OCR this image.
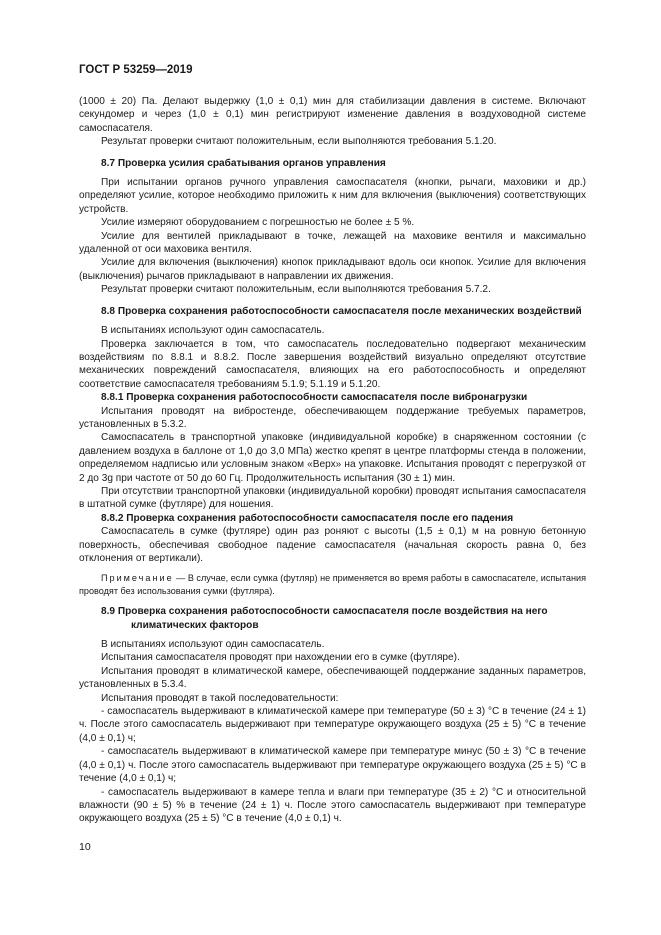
ГОСТ Р 53259—2019

(1000 ± 20) Па. Делают выдержку (1,0 ± 0,1) мин для стабилизации давления в системе. Включают секундомер и через (1,0 ± 0,1) мин регистрируют изменение давления в воздуховодной системе самоспасателя.

Результат проверки считают положительным, если выполняются требования 5.1.20.

8.7 Проверка усилия срабатывания органов управления

При испытании органов ручного управления самоспасателя (кнопки, рычаги, маховики и др.) определяют усилие, которое необходимо приложить к ним для включения (выключения) соответствующих устройств.

Усилие измеряют оборудованием с погрешностью не более ± 5 %.

Усилие для вентилей прикладывают в точке, лежащей на маховике вентиля и максимально удаленной от оси маховика вентиля.

Усилие для включения (выключения) кнопок прикладывают вдоль оси кнопок. Усилие для включения (выключения) рычагов прикладывают в направлении их движения.

Результат проверки считают положительным, если выполняются требования 5.7.2.

8.8 Проверка сохранения работоспособности самоспасателя после механических воздействий

В испытаниях используют один самоспасатель.

Проверка заключается в том, что самоспасатель последовательно подвергают механическим воздействиям по 8.8.1 и 8.8.2. После завершения воздействий визуально определяют отсутствие механических повреждений самоспасателя, влияющих на его работоспособность и определяют соответствие самоспасателя требованиям 5.1.9; 5.1.19 и 5.1.20.

8.8.1 Проверка сохранения работоспособности самоспасателя после вибронагрузки

Испытания проводят на вибростенде, обеспечивающем поддержание требуемых параметров, установленных в 5.3.2.

Самоспасатель в транспортной упаковке (индивидуальной коробке) в снаряженном состоянии (с давлением воздуха в баллоне от 1,0 до 3,0 МПа) жестко крепят в центре платформы стенда в положении, определяемом надписью или условным знаком «Верх» на упаковке. Испытания проводят с перегрузкой от 2 до 3g при частоте от 50 до 60 Гц. Продолжительность испытания (30 ± 1) мин.

При отсутствии транспортной упаковки (индивидуальной коробки) проводят испытания самоспасателя в штатной сумке (футляре) для ношения.

8.8.2 Проверка сохранения работоспособности самоспасателя после его падения

Самоспасатель в сумке (футляре) один раз роняют с высоты (1,5 ± 0,1) м на ровную бетонную поверхность, обеспечивая свободное падение самоспасателя (начальная скорость равна 0, без отклонения от вертикали).

Примечание — В случае, если сумка (футляр) не применяется во время работы в самоспасателе, испытания проводят без использования сумки (футляра).

8.9 Проверка сохранения работоспособности самоспасателя после воздействия на него климатических факторов

В испытаниях используют один самоспасатель.

Испытания самоспасателя проводят при нахождении его в сумке (футляре).

Испытания проводят в климатической камере, обеспечивающей поддержание заданных параметров, установленных в 5.3.4.

Испытания проводят в такой последовательности:

- самоспасатель выдерживают в климатической камере при температуре (50 ± 3) °С в течение (24 ± 1) ч. После этого самоспасатель выдерживают при температуре окружающего воздуха (25 ± 5) °С в течение (4,0 ± 0,1) ч;

- самоспасатель выдерживают в климатической камере при температуре минус (50 ± 3) °С в течение (4,0 ± 0,1) ч. После этого самоспасатель выдерживают при температуре окружающего воздуха (25 ± 5) °С в течение (4,0 ± 0,1) ч;

- самоспасатель выдерживают в камере тепла и влаги при температуре (35 ± 2) °С и относительной влажности (90 ± 5) % в течение (24 ± 1) ч. После этого самоспасатель выдерживают при температуре окружающего воздуха (25 ± 5) °С в течение (4,0 ± 0,1) ч.

10
